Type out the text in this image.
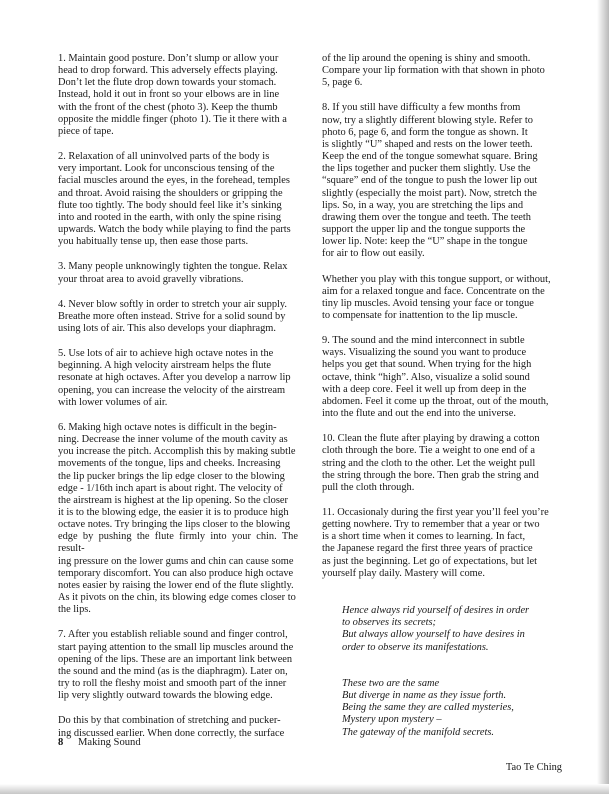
1. Maintain good posture. Don’t slump or allow your
head to drop forward. This adversely effects playing.
Don’t let the flute drop down towards your stomach.
Instead, hold it out in front so your elbows are in line
with the front of the chest (photo 3). Keep the thumb
opposite the middle finger (photo 1). Tie it there with a
piece of tape.

2. Relaxation of all uninvolved parts of the body is
very important. Look for unconscious tensing of the
facial muscles around the eyes, in the forehead, temples
and throat. Avoid raising the shoulders or gripping the
flute too tightly. The body should feel like it’s sinking
into and rooted in the earth, with only the spine rising
upwards. Watch the body while playing to find the parts
you habitually tense up, then ease those parts.

3. Many people unknowingly tighten the tongue. Relax
your throat area to avoid gravelly vibrations.

4. Never blow softly in order to stretch your air supply.
Breathe more often instead. Strive for a solid sound by
using lots of air. This also develops your diaphragm.

5. Use lots of air to achieve high octave notes in the
beginning. A high velocity airstream helps the flute
resonate at high octaves. After you develop a narrow lip
opening, you can increase the velocity of the airstream
with lower volumes of air.

6. Making high octave notes is difficult in the begin-
ning. Decrease the inner volume of the mouth cavity as
you increase the pitch. Accomplish this by making subtle
movements of the tongue, lips and cheeks. Increasing
the lip pucker brings the lip edge closer to the blowing
edge - 1/16th inch apart is about right. The velocity of
the airstream is highest at the lip opening. So the closer
it is to the blowing edge, the easier it is to produce high
octave notes. Try bringing the lips closer to the blowing
edge by pushing the flute firmly into your chin. The result-
ing pressure on the lower gums and chin can cause some
temporary discomfort. You can also produce high octave
notes easier by raising the lower end of the flute slightly.
As it pivots on the chin, its blowing edge comes closer to
the lips.

7. After you establish reliable sound and finger control,
start paying attention to the small lip muscles around the
opening of the lips. These are an important link between
the sound and the mind (as is the diaphragm). Later on,
try to roll the fleshy moist and smooth part of the inner
lip very slightly outward towards the blowing edge.

Do this by that combination of stretching and pucker-
ing discussed earlier. When done correctly, the surface

of the lip around the opening is shiny and smooth.
Compare your lip formation with that shown in photo
5, page 6.

8. If you still have difficulty a few months from
now, try a slightly different blowing style. Refer to
photo 6, page 6, and form the tongue as shown. It
is slightly “U” shaped and rests on the lower teeth.
Keep the end of the tongue somewhat square. Bring
the lips together and pucker them slightly. Use the
“square” end of the tongue to push the lower lip out
slightly (especially the moist part). Now, stretch the
lips. So, in a way, you are stretching the lips and
drawing them over the tongue and teeth. The teeth
support the upper lip and the tongue supports the
lower lip. Note: keep the “U” shape in the tongue
for air to flow out easily.

Whether you play with this tongue support, or without,
aim for a relaxed tongue and face. Concentrate on the
tiny lip muscles. Avoid tensing your face or tongue
to compensate for inattention to the lip muscle.

9. The sound and the mind interconnect in subtle
ways. Visualizing the sound you want to produce
helps you get that sound. When trying for the high
octave, think “high”. Also, visualize a solid sound
with a deep core. Feel it well up from deep in the
abdomen. Feel it come up the throat, out of the mouth,
into the flute and out the end into the universe.

10. Clean the flute after playing by drawing a cotton
cloth through the bore. Tie a weight to one end of a
string and the cloth to the other. Let the weight pull
the string through the bore. Then grab the string and
pull the cloth through.

11. Occasionaly during the first year you’ll feel you’re
getting nowhere. Try to remember that a year or two
is a short time when it comes to learning. In fact,
the Japanese regard the first three years of practice
as just the beginning. Let go of expectations, but let
yourself play daily. Mastery will come.

Hence always rid yourself of desires in order
to observes its secrets;
But always allow yourself to have desires in
order to observe its manifestations.

These two are the same
But diverge in name as they issue forth.
Being the same they are called mysteries,
Mystery upon mystery –
The gateway of the manifold secrets.

Tao Te Ching

8 Making Sound
